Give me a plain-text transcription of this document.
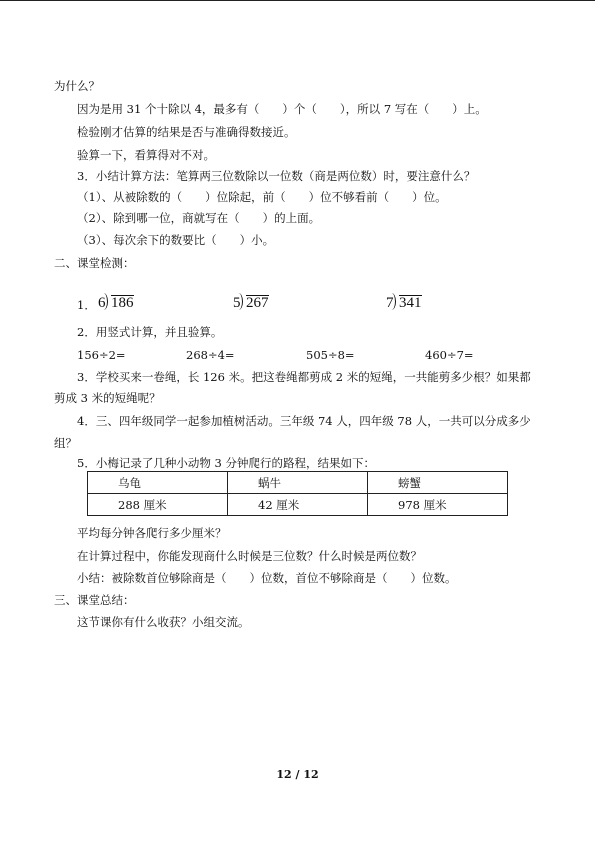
为什么？
因为是用 31 个十除以 4，最多有（　　）个（　　），所以 7 写在（　　）上。
检验刚才估算的结果是否与准确得数接近。
验算一下，看算得对不对。
3．小结计算方法：笔算两三位数除以一位数（商是两位数）时，要注意什么？
（1）、从被除数的（　　）位除起，前（　　）位不够看前（　　）位。
（2）、除到哪一位，商就写在（　　）的上面。
（3）、每次余下的数要比（　　）小。
二、课堂检测：
1． 6 186	5 267	7 341
2．用竖式计算，并且验算。
156÷2=	268÷4=	505÷8=	460÷7=
3．学校买来一卷绳，长 126 米。把这卷绳都剪成 2 米的短绳，一共能剪多少根？如果都
剪成 3 米的短绳呢？
4．三、四年级同学一起参加植树活动。三年级 74 人，四年级 78 人，一共可以分成多少
组？
5．小梅记录了几种小动物 3 分钟爬行的路程，结果如下：
乌龟	蜗牛	螃蟹
288 厘米	42 厘米	978 厘米
平均每分钟各爬行多少厘米？
在计算过程中，你能发现商什么时候是三位数？什么时候是两位数？
小结：被除数首位够除商是（　　）位数，首位不够除商是（　　）位数。
三、课堂总结：
这节课你有什么收获？小组交流。
12 / 12
